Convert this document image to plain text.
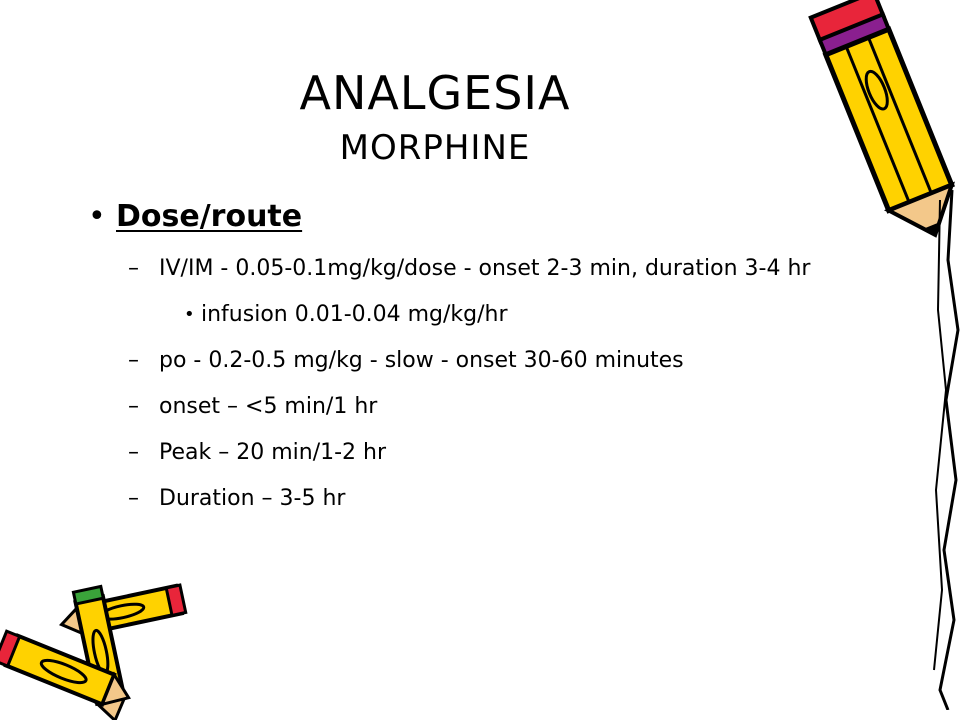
ANALGESIA
MORPHINE
• Dose/route
– IV/IM - 0.05-0.1mg/kg/dose - onset 2-3 min, duration 3-4 hr
• infusion 0.01-0.04 mg/kg/hr
– po - 0.2-0.5 mg/kg - slow - onset 30-60 minutes
– onset – <5 min/1 hr
– Peak – 20 min/1-2 hr
– Duration – 3-5 hr
